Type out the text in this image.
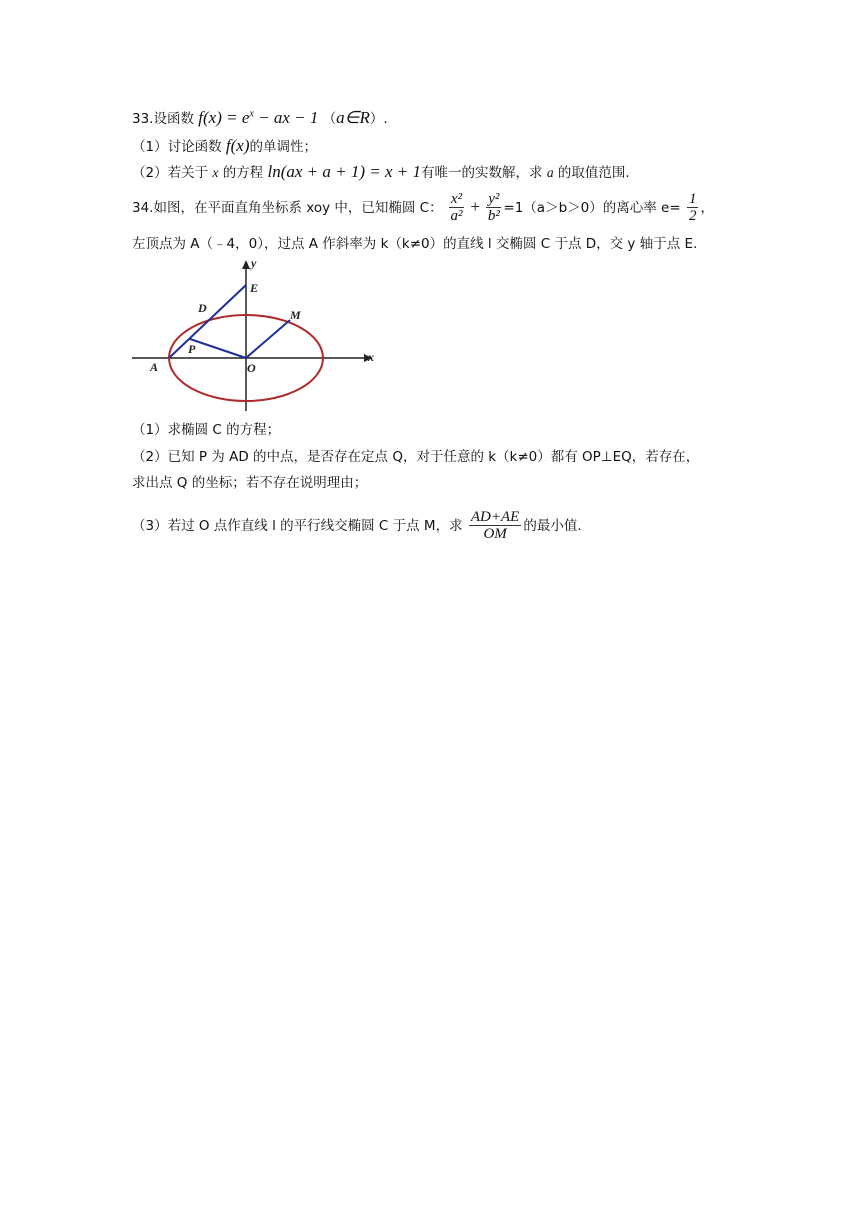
33.设函数 $f(x) = e^x$ − ax − 1 （a∈R）.
（1）讨论函数 f(x)的单调性；
（2）若关于 x 的方程 ln(ax + a + 1) = x + 1有唯一的实数解，求 a 的取值范围.
34.如图，在平面直角坐标系 xoy 中，已知椭圆 C： $\frac{\text{x²}}{\text{a²}} + \frac{\text{y²}}{\text{b²}} =1(a>b>0)$的离心率 $e= \frac{1}{2}$ ，
左顶点为 A（﹣4，0），过点 A 作斜率为 k（k≠0）的直线 l 交椭圆 C 于点 D，交 y 轴于点 E.
y
x
E
D	M
P
A	O
（1）求椭圆 C 的方程；
（2）已知 P 为 AD 的中点，是否存在定点 Q，对于任意的 k（k≠0）都有 OP⊥EQ，若存在，
求出点 Q 的坐标；若不存在说明理由；
（3）若过 O 点作直线 l 的平行线交椭圆 C 于点 M，求 $\frac{AD+AE}{OM}$ 的最小值.
